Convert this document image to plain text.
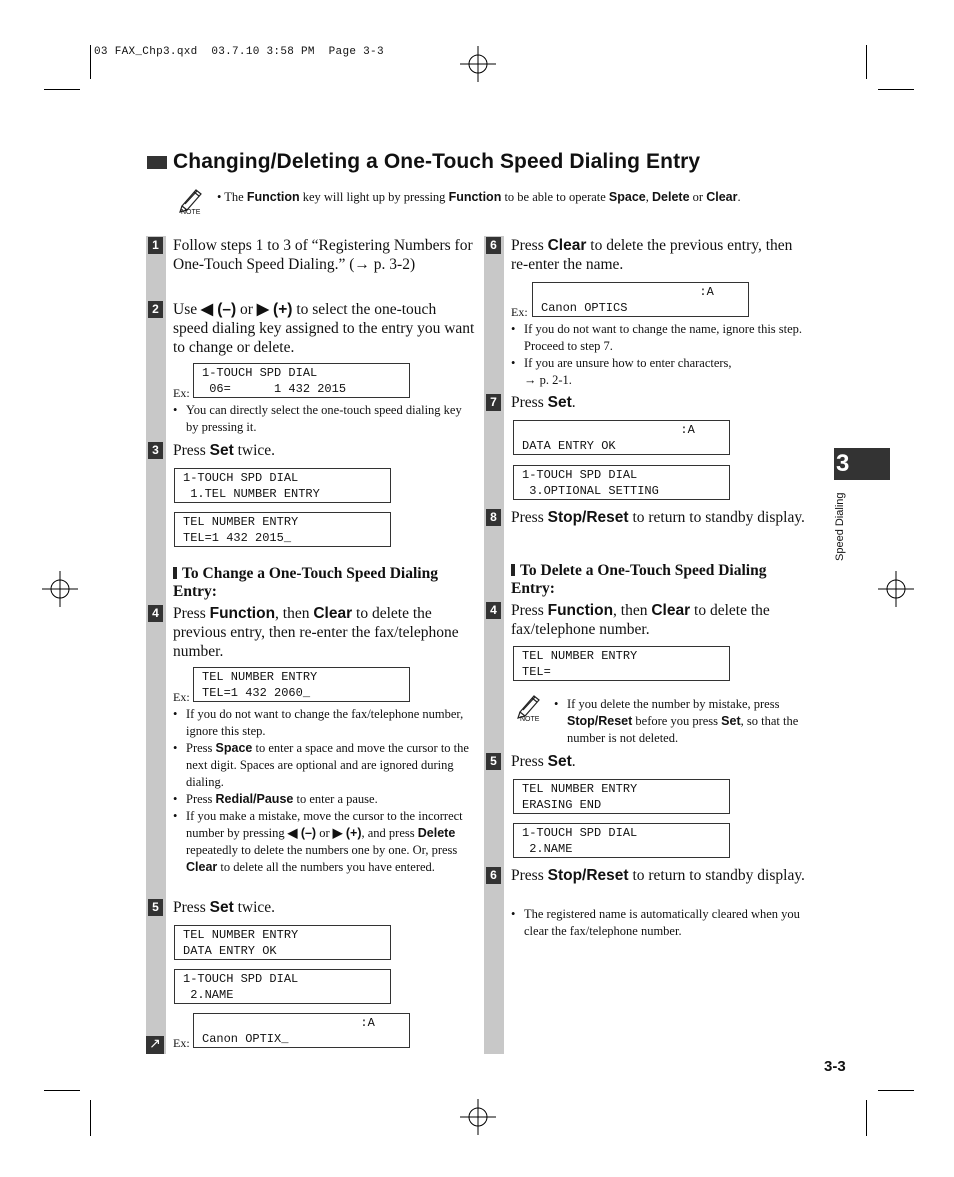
03 FAX_Chp3.qxd  03.7.10 3:58 PM  Page 3-3
Changing/Deleting a One-Touch Speed Dialing Entry
NOTE
• The Function key will light up by pressing Function to be able to operate Space, Delete or Clear.
1 Follow steps 1 to 3 of “Registering Numbers for One-Touch Speed Dialing.” (→ p. 3-2)
2 Use ◀ (–) or ▶ (+) to select the one-touch speed dialing key assigned to the entry you want to change or delete.
Ex:
1-TOUCH SPD DIAL
06=      1 432 2015
• You can directly select the one-touch speed dialing key by pressing it.
3 Press Set twice.
1-TOUCH SPD DIAL
1.TEL NUMBER ENTRY
TEL NUMBER ENTRY
TEL=1 432 2015_
To Change a One-Touch Speed Dialing Entry:
4 Press Function, then Clear to delete the previous entry, then re-enter the fax/telephone number.
Ex:
TEL NUMBER ENTRY
TEL=1 432 2060_
• If you do not want to change the fax/telephone number, ignore this step.
• Press Space to enter a space and move the cursor to the next digit. Spaces are optional and are ignored during dialing.
• Press Redial/Pause to enter a pause.
• If you make a mistake, move the cursor to the incorrect number by pressing ◀ (–) or ▶ (+), and press Delete repeatedly to delete the numbers one by one. Or, press Clear to delete all the numbers you have entered.
5 Press Set twice.
TEL NUMBER ENTRY
DATA ENTRY OK
1-TOUCH SPD DIAL
2.NAME
Ex:
:A
Canon OPTIX_
↗
6 Press Clear to delete the previous entry, then re-enter the name.
Ex:
:A
Canon OPTICS
• If you do not want to change the name, ignore this step. Proceed to step 7.
• If you are unsure how to enter characters,
→ p. 2-1.
7 Press Set.
:A
DATA ENTRY OK
1-TOUCH SPD DIAL
3.OPTIONAL SETTING
8 Press Stop/Reset to return to standby display.
To Delete a One-Touch Speed Dialing Entry:
4 Press Function, then Clear to delete the fax/telephone number.
TEL NUMBER ENTRY
TEL=
NOTE
• If you delete the number by mistake, press Stop/Reset before you press Set, so that the number is not deleted.
5 Press Set.
TEL NUMBER ENTRY
ERASING END
1-TOUCH SPD DIAL
2.NAME
6 Press Stop/Reset to return to standby display.
• The registered name is automatically cleared when you clear the fax/telephone number.
3
Speed Dialing
3-3
